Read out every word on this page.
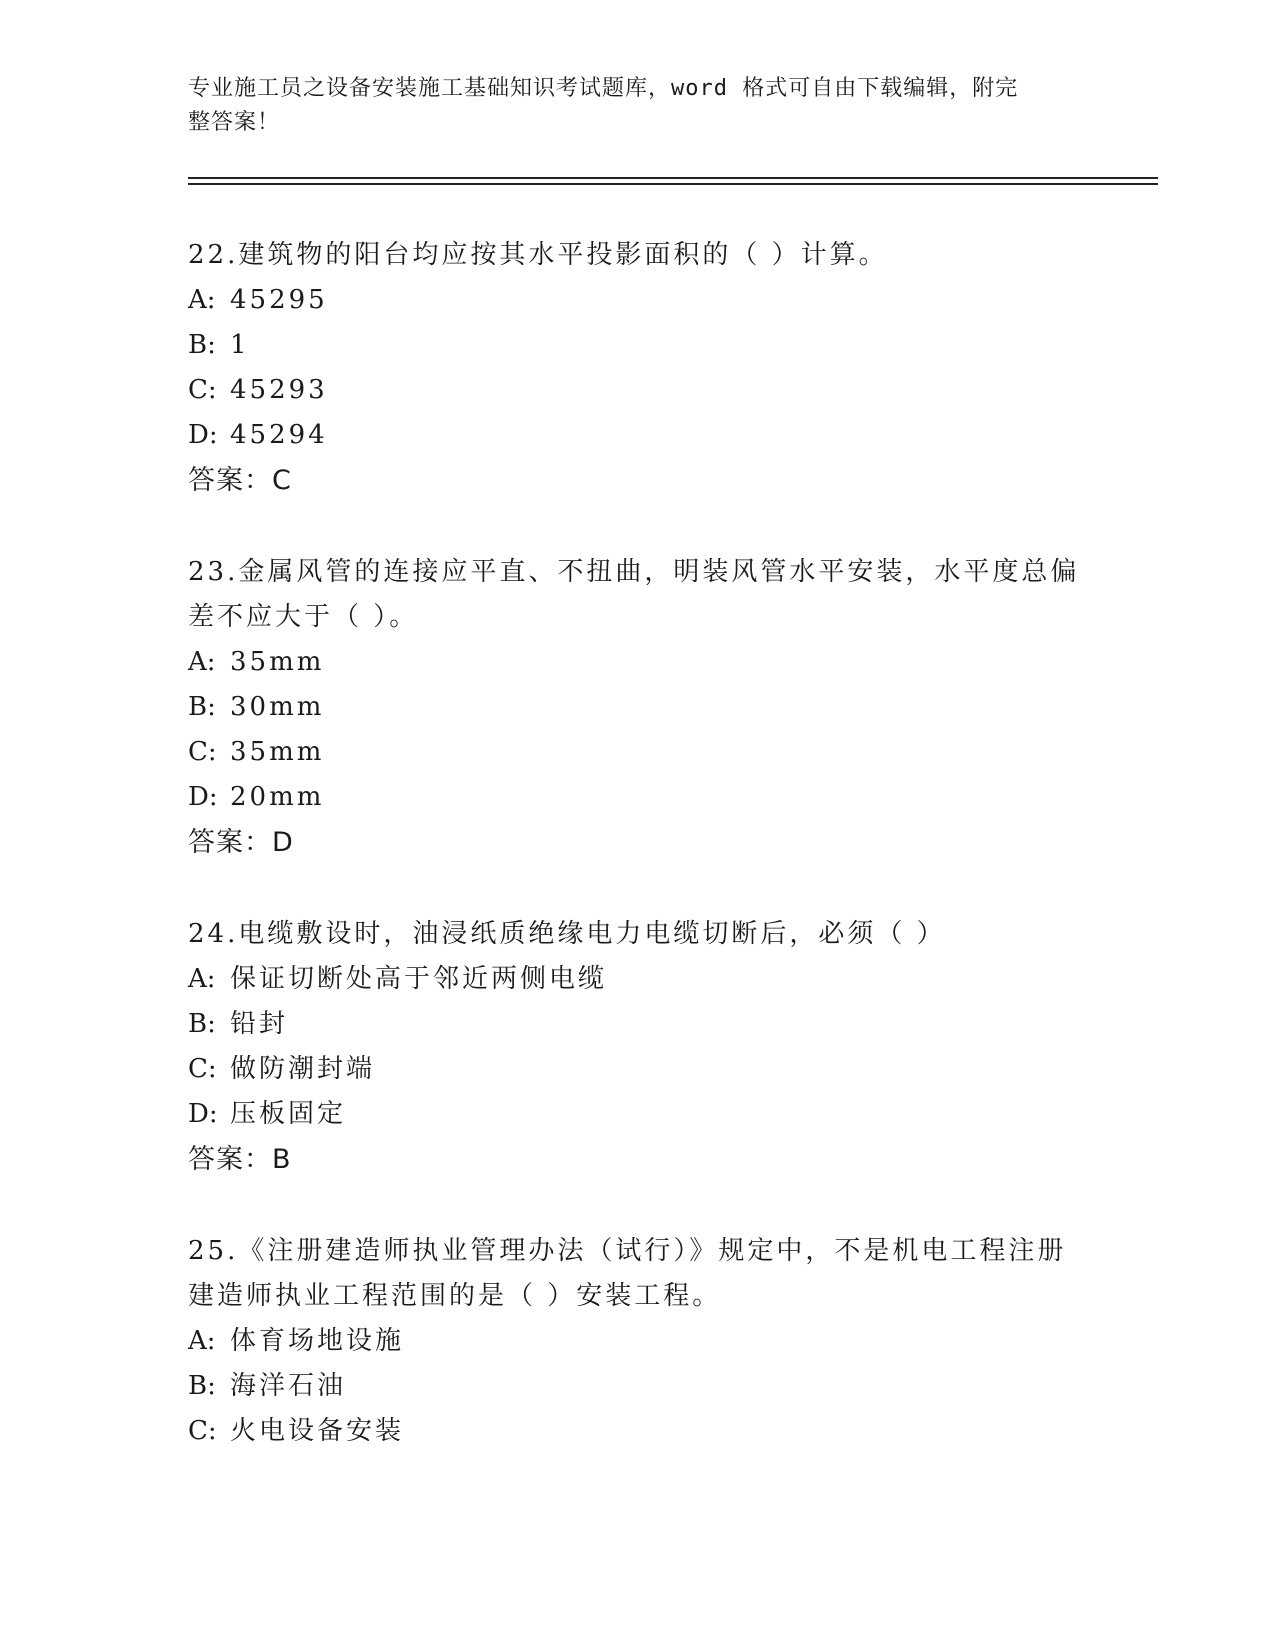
专业施工员之设备安装施工基础知识考试题库，word 格式可自由下载编辑，附完
整答案！

22.建筑物的阳台均应按其水平投影面积的（ ）计算。

A: 45295

B: 1

C: 45293

D: 45294

答案：C

23.金属风管的连接应平直、不扭曲，明装风管水平安装，水平度总偏

差不应大于（ ）。

A: 35mm

B: 30mm

C: 35mm

D: 20mm

答案：D

24.电缆敷设时，油浸纸质绝缘电力电缆切断后，必须（ ）

A: 保证切断处高于邻近两侧电缆

B: 铅封

C: 做防潮封端

D: 压板固定

答案：B

25.《注册建造师执业管理办法（试行）》规定中，不是机电工程注册

建造师执业工程范围的是（ ）安装工程。

A: 体育场地设施

B: 海洋石油

C: 火电设备安装
